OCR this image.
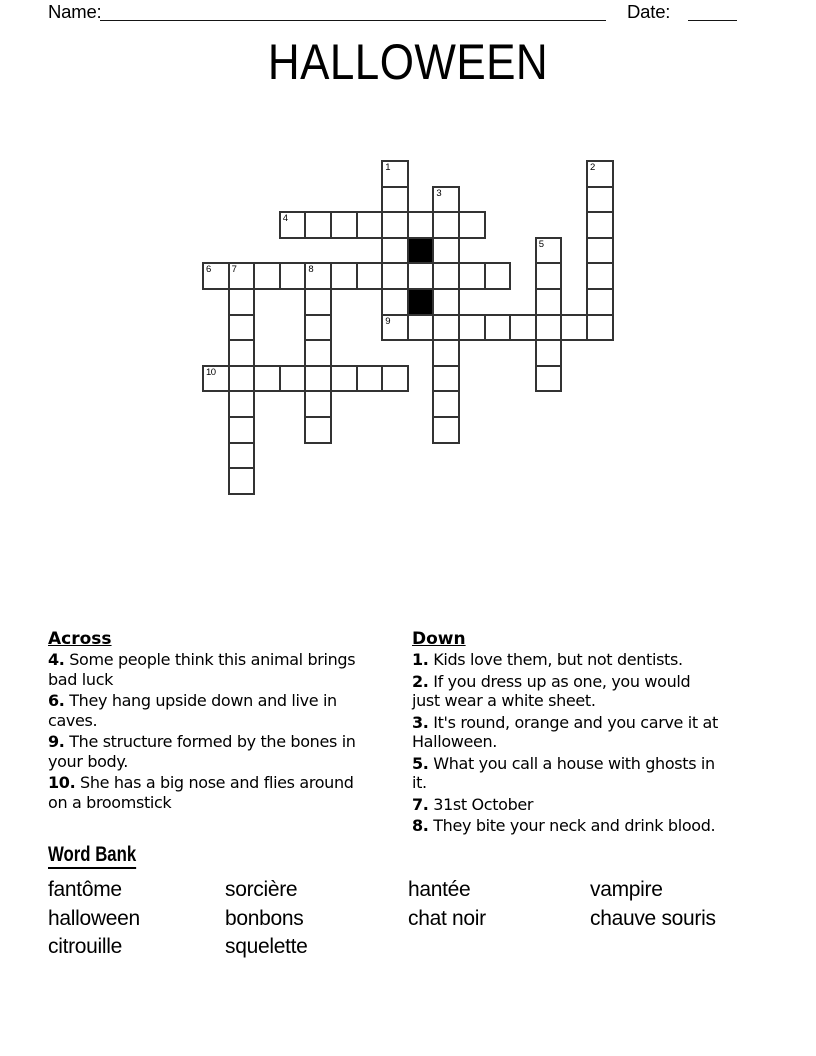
Name:	Date:
HALLOWEEN
1
9
2
3
4
5
6 7	8
10
Across
4. Some people think this animal brings
bad luck
6. They hang upside down and live in
caves.
9. The structure formed by the bones in
your body.
10. She has a big nose and flies around
on a broomstick
Down
1. Kids love them, but not dentists.
2. If you dress up as one, you would
just wear a white sheet.
3. It's round, orange and you carve it at
Halloween.
5. What you call a house with ghosts in
it.
7. 31st October
8. They bite your neck and drink blood.
Word Bank
fantôme	sorcière	hantée	vampire
halloween	bonbons	chat noir	chauve souris
citrouille	squelette
